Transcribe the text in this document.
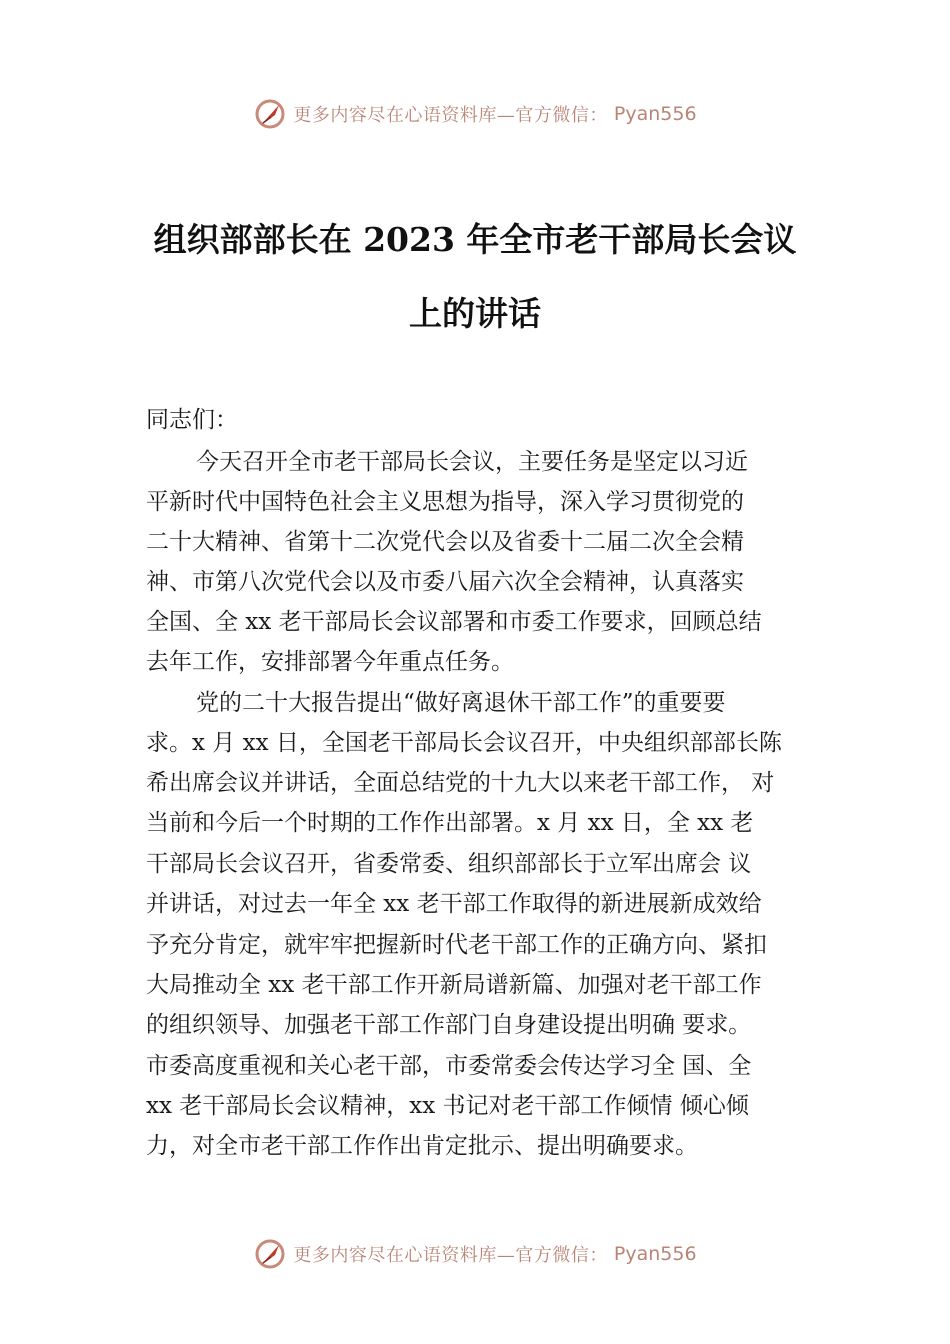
更多内容尽在心语资料库—官方微信： Pyan556
组织部部长在 2023 年全市老干部局长会议
上的讲话
同志们：
今天召开全市老干部局长会议，主要任务是坚定以习近
平新时代中国特色社会主义思想为指导，深入学习贯彻党的
二十大精神、省第十二次党代会以及省委十二届二次全会精
神、市第八次党代会以及市委八届六次全会精神，认真落实
全国、全 xx 老干部局长会议部署和市委工作要求，回顾总结
去年工作，安排部署今年重点任务。
党的二十大报告提出“做好离退休干部工作”的重要要
求。x 月 xx 日，全国老干部局长会议召开，中央组织部部长陈
希出席会议并讲话，全面总结党的十九大以来老干部工作， 对
当前和今后一个时期的工作作出部署。x 月 xx 日，全 xx 老
干部局长会议召开，省委常委、组织部部长于立军出席会 议
并讲话，对过去一年全 xx 老干部工作取得的新进展新成效给
予充分肯定，就牢牢把握新时代老干部工作的正确方向、紧扣
大局推动全 xx 老干部工作开新局谱新篇、加强对老干部工作
的组织领导、加强老干部工作部门自身建设提出明确 要求。
市委高度重视和关心老干部，市委常委会传达学习全 国、全
xx 老干部局长会议精神，xx 书记对老干部工作倾情 倾心倾
力，对全市老干部工作作出肯定批示、提出明确要求。
更多内容尽在心语资料库—官方微信： Pyan556
